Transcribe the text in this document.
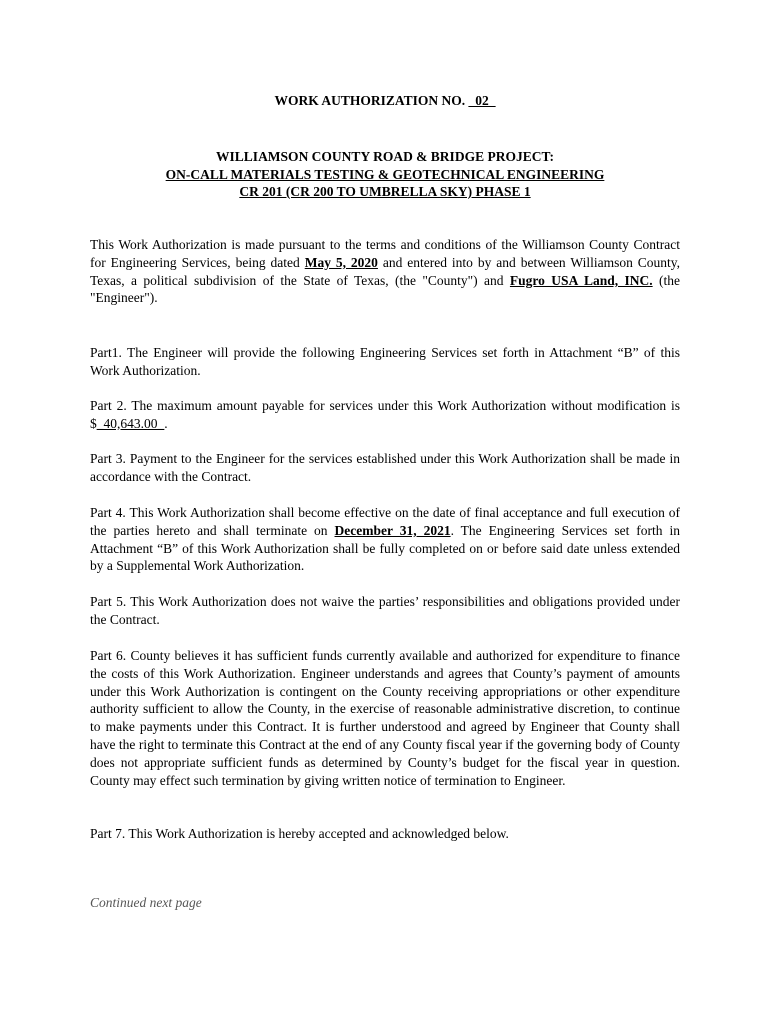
WORK AUTHORIZATION NO. _02_
WILLIAMSON COUNTY ROAD & BRIDGE PROJECT:
ON-CALL MATERIALS TESTING & GEOTECHNICAL ENGINEERING
CR 201 (CR 200 TO UMBRELLA SKY) PHASE 1
This Work Authorization is made pursuant to the terms and conditions of the Williamson County Contract for Engineering Services, being dated May 5, 2020 and entered into by and between Williamson County, Texas, a political subdivision of the State of Texas, (the "County") and Fugro USA Land, INC. (the "Engineer").
Part1. The Engineer will provide the following Engineering Services set forth in Attachment “B” of this Work Authorization.
Part 2. The maximum amount payable for services under this Work Authorization without modification is $_40,643.00_.
Part 3. Payment to the Engineer for the services established under this Work Authorization shall be made in accordance with the Contract.
Part 4. This Work Authorization shall become effective on the date of final acceptance and full execution of the parties hereto and shall terminate on December 31, 2021. The Engineering Services set forth in Attachment “B” of this Work Authorization shall be fully completed on or before said date unless extended by a Supplemental Work Authorization.
Part 5. This Work Authorization does not waive the parties’ responsibilities and obligations provided under the Contract.
Part 6. County believes it has sufficient funds currently available and authorized for expenditure to finance the costs of this Work Authorization. Engineer understands and agrees that County’s payment of amounts under this Work Authorization is contingent on the County receiving appropriations or other expenditure authority sufficient to allow the County, in the exercise of reasonable administrative discretion, to continue to make payments under this Contract. It is further understood and agreed by Engineer that County shall have the right to terminate this Contract at the end of any County fiscal year if the governing body of County does not appropriate sufficient funds as determined by County’s budget for the fiscal year in question. County may effect such termination by giving written notice of termination to Engineer.
Part 7. This Work Authorization is hereby accepted and acknowledged below.
Continued next page
